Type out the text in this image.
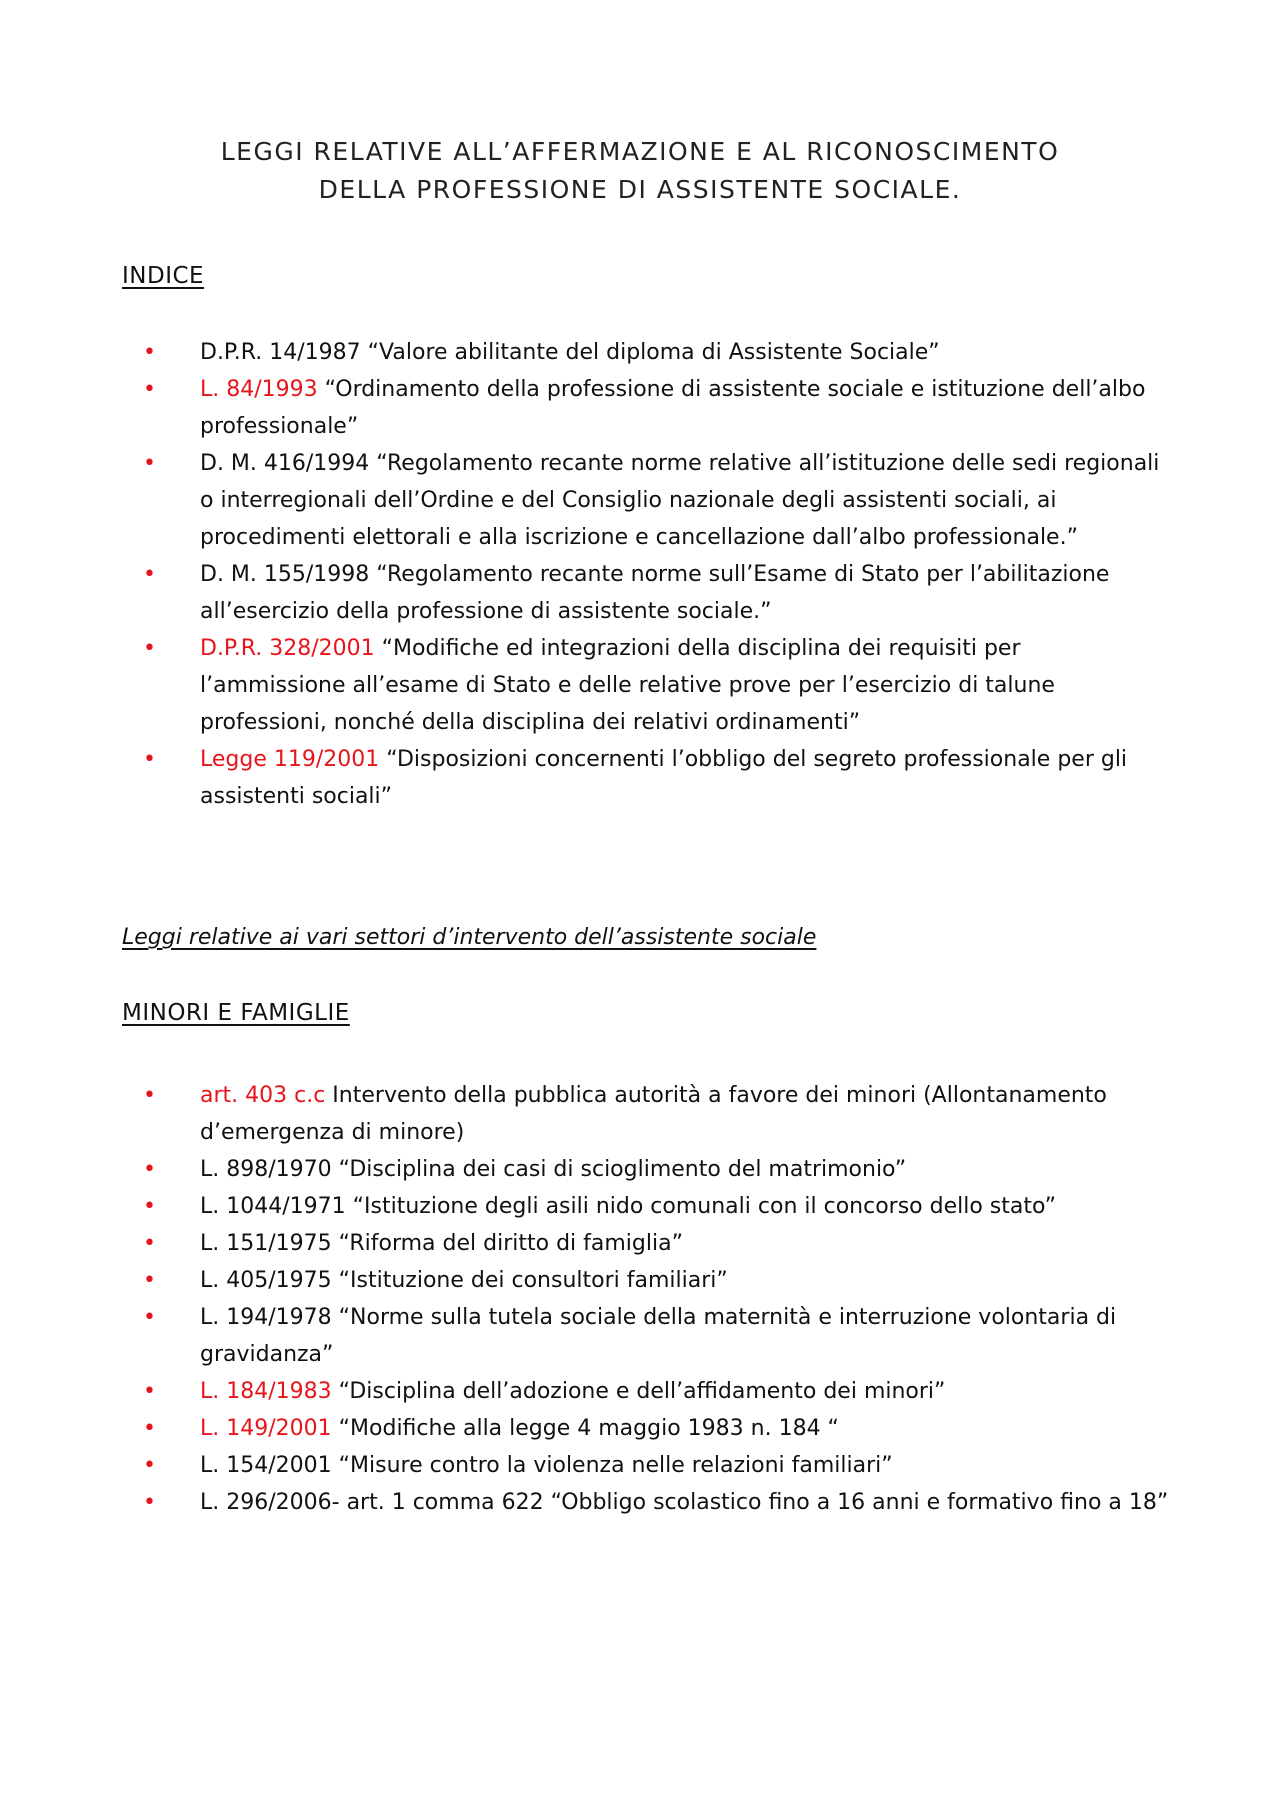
LEGGI RELATIVE ALL’AFFERMAZIONE E AL RICONOSCIMENTO
DELLA PROFESSIONE DI ASSISTENTE SOCIALE.
INDICE
• D.P.R. 14/1987 “Valore abilitante del diploma di Assistente Sociale”
• L. 84/1993 “Ordinamento della professione di assistente sociale e istituzione dell’albo professionale”
• D. M. 416/1994 “Regolamento recante norme relative all’istituzione delle sedi regionali o interregionali dell’Ordine e del Consiglio nazionale degli assistenti sociali, ai procedimenti elettorali e alla iscrizione e cancellazione dall’albo professionale.”
• D. M. 155/1998 “Regolamento recante norme sull’Esame di Stato per l’abilitazione all’esercizio della professione di assistente sociale.”
• D.P.R. 328/2001 “Modifiche ed integrazioni della disciplina dei requisiti per l’ammissione all’esame di Stato e delle relative prove per l’esercizio di talune professioni, nonché della disciplina dei relativi ordinamenti”
• Legge 119/2001 “Disposizioni concernenti l’obbligo del segreto professionale per gli assistenti sociali”
Leggi relative ai vari settori d’intervento dell’assistente sociale
MINORI E FAMIGLIE
• art. 403 c.c Intervento della pubblica autorità a favore dei minori (Allontanamento d’emergenza di minore)
• L. 898/1970 “Disciplina dei casi di scioglimento del matrimonio”
• L. 1044/1971 “Istituzione degli asili nido comunali con il concorso dello stato”
• L. 151/1975 “Riforma del diritto di famiglia”
• L. 405/1975 “Istituzione dei consultori familiari”
• L. 194/1978 “Norme sulla tutela sociale della maternità e interruzione volontaria di gravidanza”
• L. 184/1983 “Disciplina dell’adozione e dell’affidamento dei minori”
• L. 149/2001 “Modifiche alla legge 4 maggio 1983 n. 184 “
• L. 154/2001 “Misure contro la violenza nelle relazioni familiari”
• L. 296/2006- art. 1 comma 622 “Obbligo scolastico fino a 16 anni e formativo fino a 18”
